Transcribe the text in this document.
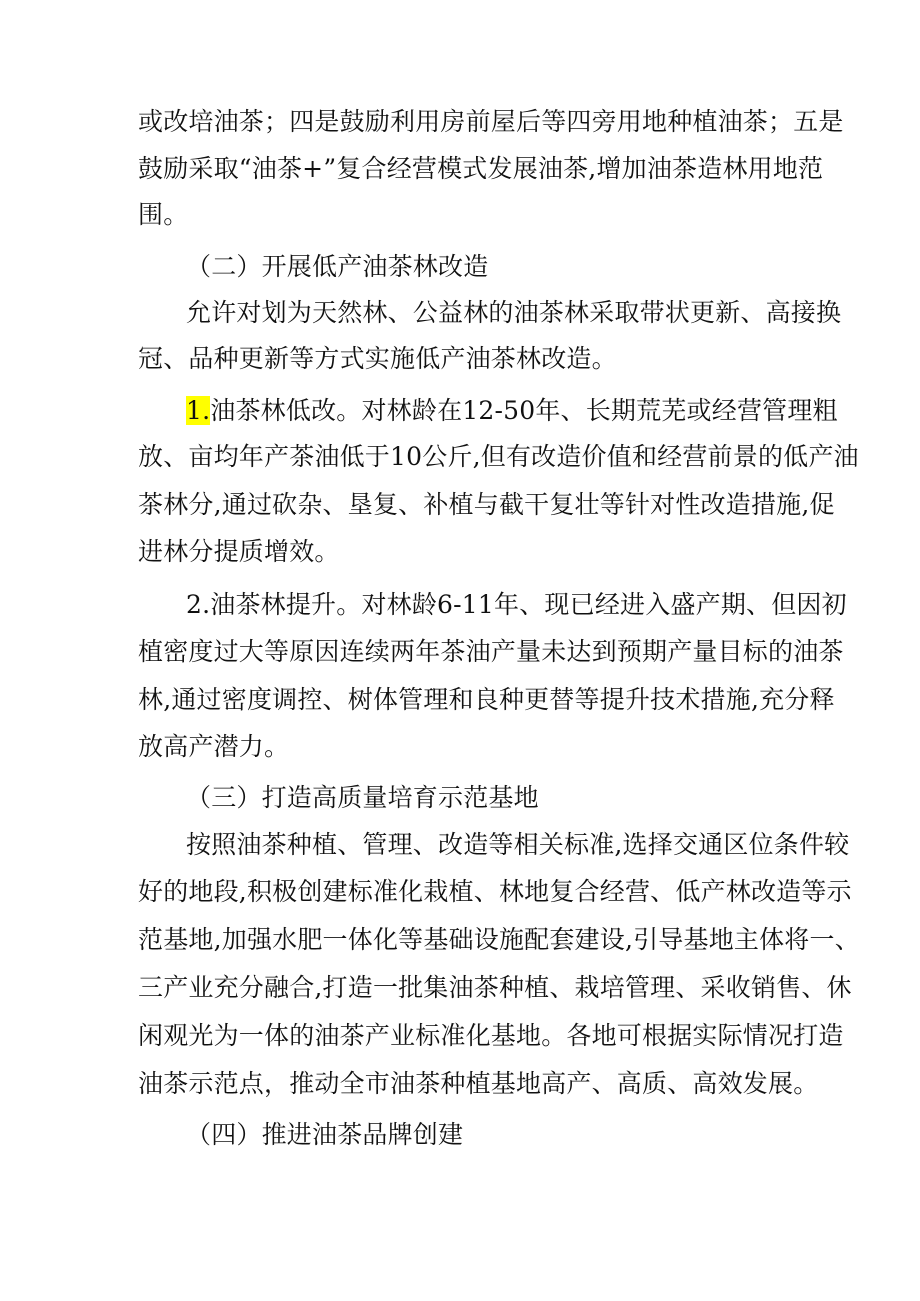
或改培油茶；四是鼓励利用房前屋后等四旁用地种植油茶；五是
鼓励采取“油茶+”复合经营模式发展油茶,增加油茶造林用地范
围。
（二）开展低产油茶林改造
允许对划为天然林、公益林的油茶林采取带状更新、高接换
冠、品种更新等方式实施低产油茶林改造。
1.油茶林低改。对林龄在12-50年、长期荒芜或经营管理粗
放、亩均年产茶油低于10公斤,但有改造价值和经营前景的低产油
茶林分,通过砍杂、垦复、补植与截干复壮等针对性改造措施,促
进林分提质增效。
2.油茶林提升。对林龄6-11年、现已经进入盛产期、但因初
植密度过大等原因连续两年茶油产量未达到预期产量目标的油茶
林,通过密度调控、树体管理和良种更替等提升技术措施,充分释
放高产潜力。
（三）打造高质量培育示范基地
按照油茶种植、管理、改造等相关标准,选择交通区位条件较
好的地段,积极创建标准化栽植、林地复合经营、低产林改造等示
范基地,加强水肥一体化等基础设施配套建设,引导基地主体将一、
三产业充分融合,打造一批集油茶种植、栽培管理、采收销售、休
闲观光为一体的油茶产业标准化基地。各地可根据实际情况打造
油茶示范点，推动全市油茶种植基地高产、高质、高效发展。
（四）推进油茶品牌创建
